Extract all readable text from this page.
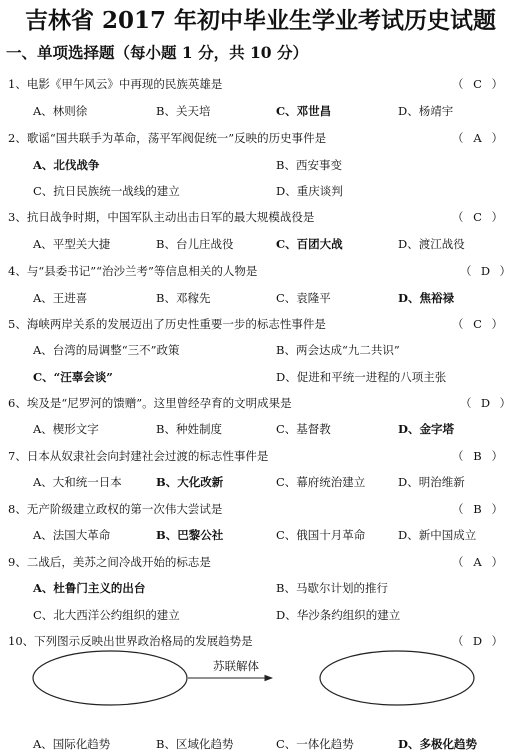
吉林省 2017 年初中毕业生学业考试历史试题
一、单项选择题（每小题 1 分，共 10 分）
1、电影《甲午风云》中再现的民族英雄是	（ C ）
A、林则徐	B、关天培	C、邓世昌	D、杨靖宇
2、歌谣“国共联手为革命，荡平军阀促统一”反映的历史事件是	（ A ）
A、北伐战争	B、西安事变
C、抗日民族统一战线的建立	D、重庆谈判
3、抗日战争时期，中国军队主动出击日军的最大规模战役是	（ C ）
A、平型关大捷	B、台儿庄战役	C、百团大战	D、渡江战役
4、与“县委书记”“治沙兰考”等信息相关的人物是	（ D ）
A、王进喜	B、邓稼先	C、袁隆平	D、焦裕禄
5、海峡两岸关系的发展迈出了历史性重要一步的标志性事件是	（ C ）
A、台湾的局调整“三不”政策	B、两会达成“九二共识”
C、“汪辜会谈”	D、促进和平统一进程的八项主张
6、埃及是“尼罗河的馈赠”。这里曾经孕育的文明成果是	（ D ）
A、楔形文字	B、种姓制度	C、基督教	D、金字塔
7、日本从奴隶社会向封建社会过渡的标志性事件是	（ B ）
A、大和统一日本	B、大化改新	C、幕府统治建立	D、明治维新
8、无产阶级建立政权的第一次伟大尝试是	（ B ）
A、法国大革命	B、巴黎公社	C、俄国十月革命	D、新中国成立
9、二战后，美苏之间冷战开始的标志是	（ A ）
A、杜鲁门主义的出台	B、马歇尔计划的推行
C、北大西洋公约组织的建立	D、华沙条约组织的建立
10、下列图示反映出世界政治格局的发展趋势是	（ D ）
苏联解体
A、国际化趋势	B、区域化趋势	C、一体化趋势	D、多极化趋势
